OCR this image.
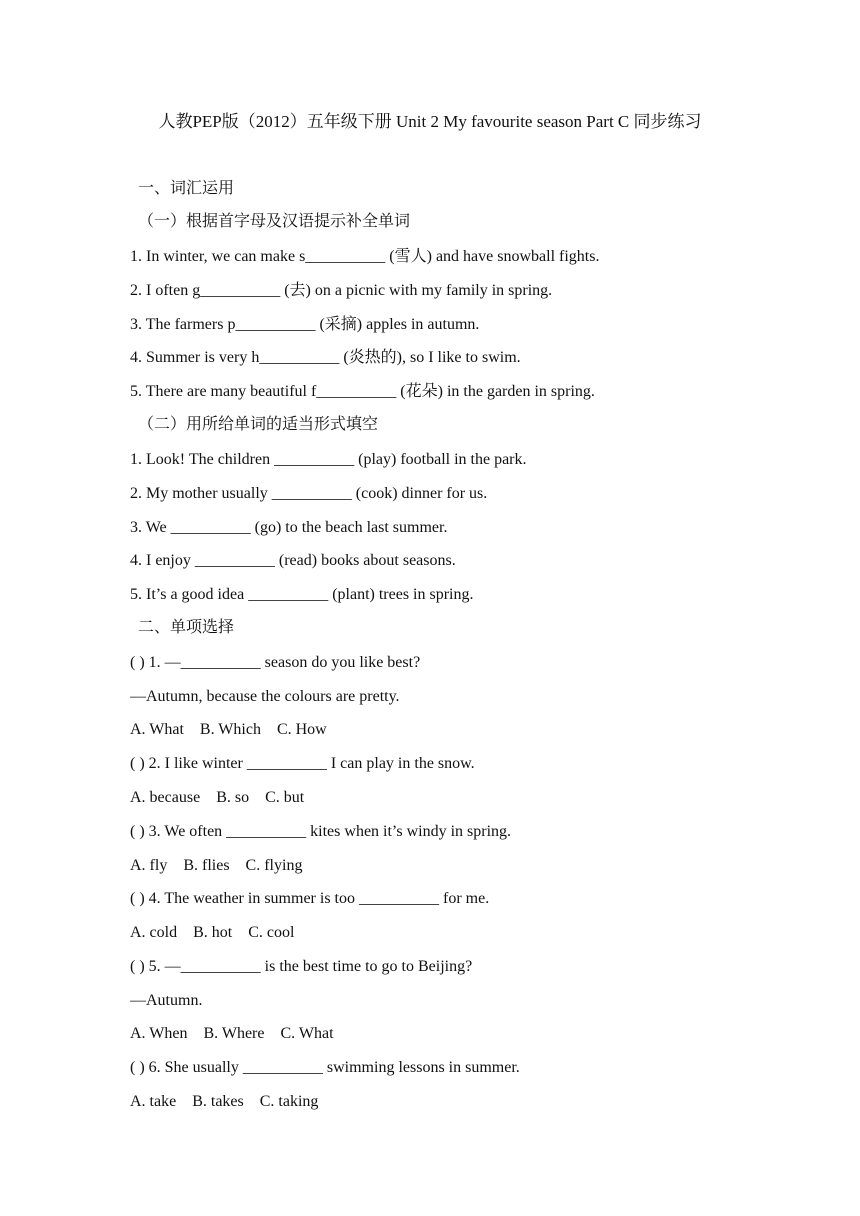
人教PEP版（2012）五年级下册 Unit 2 My favourite season Part C 同步练习
一、词汇运用
（一）根据首字母及汉语提示补全单词
1. In winter, we can make s__________ (雪人) and have snowball fights.
2. I often g__________ (去) on a picnic with my family in spring.
3. The farmers p__________ (采摘) apples in autumn.
4. Summer is very h__________ (炎热的), so I like to swim.
5. There are many beautiful f__________ (花朵) in the garden in spring.
（二）用所给单词的适当形式填空
1. Look! The children __________ (play) football in the park.
2. My mother usually __________ (cook) dinner for us.
3. We __________ (go) to the beach last summer.
4. I enjoy __________ (read) books about seasons.
5. It’s a good idea __________ (plant) trees in spring.
二、单项选择
( ) 1. —__________ season do you like best?
—Autumn, because the colours are pretty.
A. What    B. Which    C. How
( ) 2. I like winter __________ I can play in the snow.
A. because    B. so    C. but
( ) 3. We often __________ kites when it’s windy in spring.
A. fly    B. flies    C. flying
( ) 4. The weather in summer is too __________ for me.
A. cold    B. hot    C. cool
( ) 5. —__________ is the best time to go to Beijing?
—Autumn.
A. When    B. Where    C. What
( ) 6. She usually __________ swimming lessons in summer.
A. take    B. takes    C. taking
